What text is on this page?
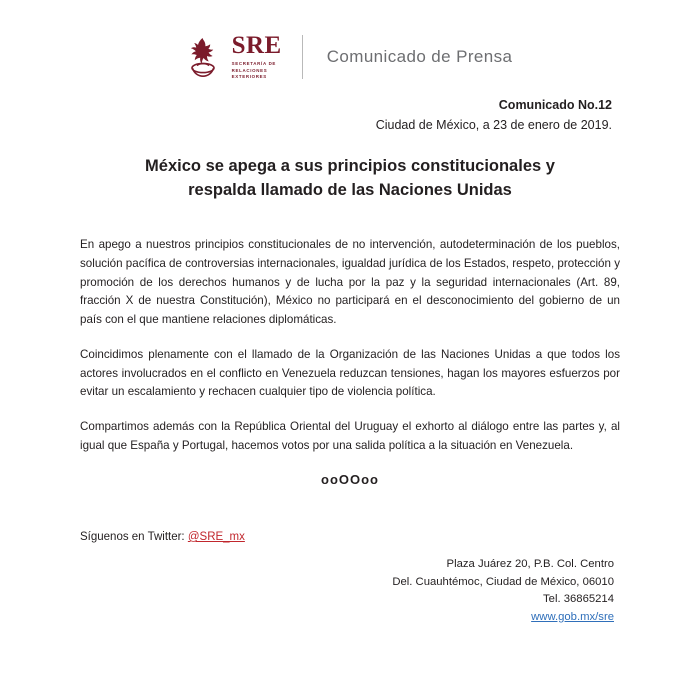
SRE
SECRETARÍA DE
RELACIONES
EXTERIORES
Comunicado de Prensa
Comunicado No.12
Ciudad de México, a 23 de enero de 2019.
México se apega a sus principios constitucionales y
respalda llamado de las Naciones Unidas

En apego a nuestros principios constitucionales de no intervención, autodeterminación de los pueblos, solución pacífica de controversias internacionales, igualdad jurídica de los Estados, respeto, protección y promoción de los derechos humanos y de lucha por la paz y la seguridad internacionales (Art. 89, fracción X de nuestra Constitución), México no participará en el desconocimiento del gobierno de un país con el que mantiene relaciones diplomáticas.

Coincidimos plenamente con el llamado de la Organización de las Naciones Unidas a que todos los actores involucrados en el conflicto en Venezuela reduzcan tensiones, hagan los mayores esfuerzos por evitar un escalamiento y rechacen cualquier tipo de violencia política.

Compartimos además con la República Oriental del Uruguay el exhorto al diálogo entre las partes y, al igual que España y Portugal, hacemos votos por una salida política a la situación en Venezuela.

ooOOoo
Síguenos en Twitter: @SRE_mx
Plaza Juárez 20, P.B. Col. Centro
Del. Cuauhtémoc, Ciudad de México, 06010
Tel. 36865214
www.gob.mx/sre
